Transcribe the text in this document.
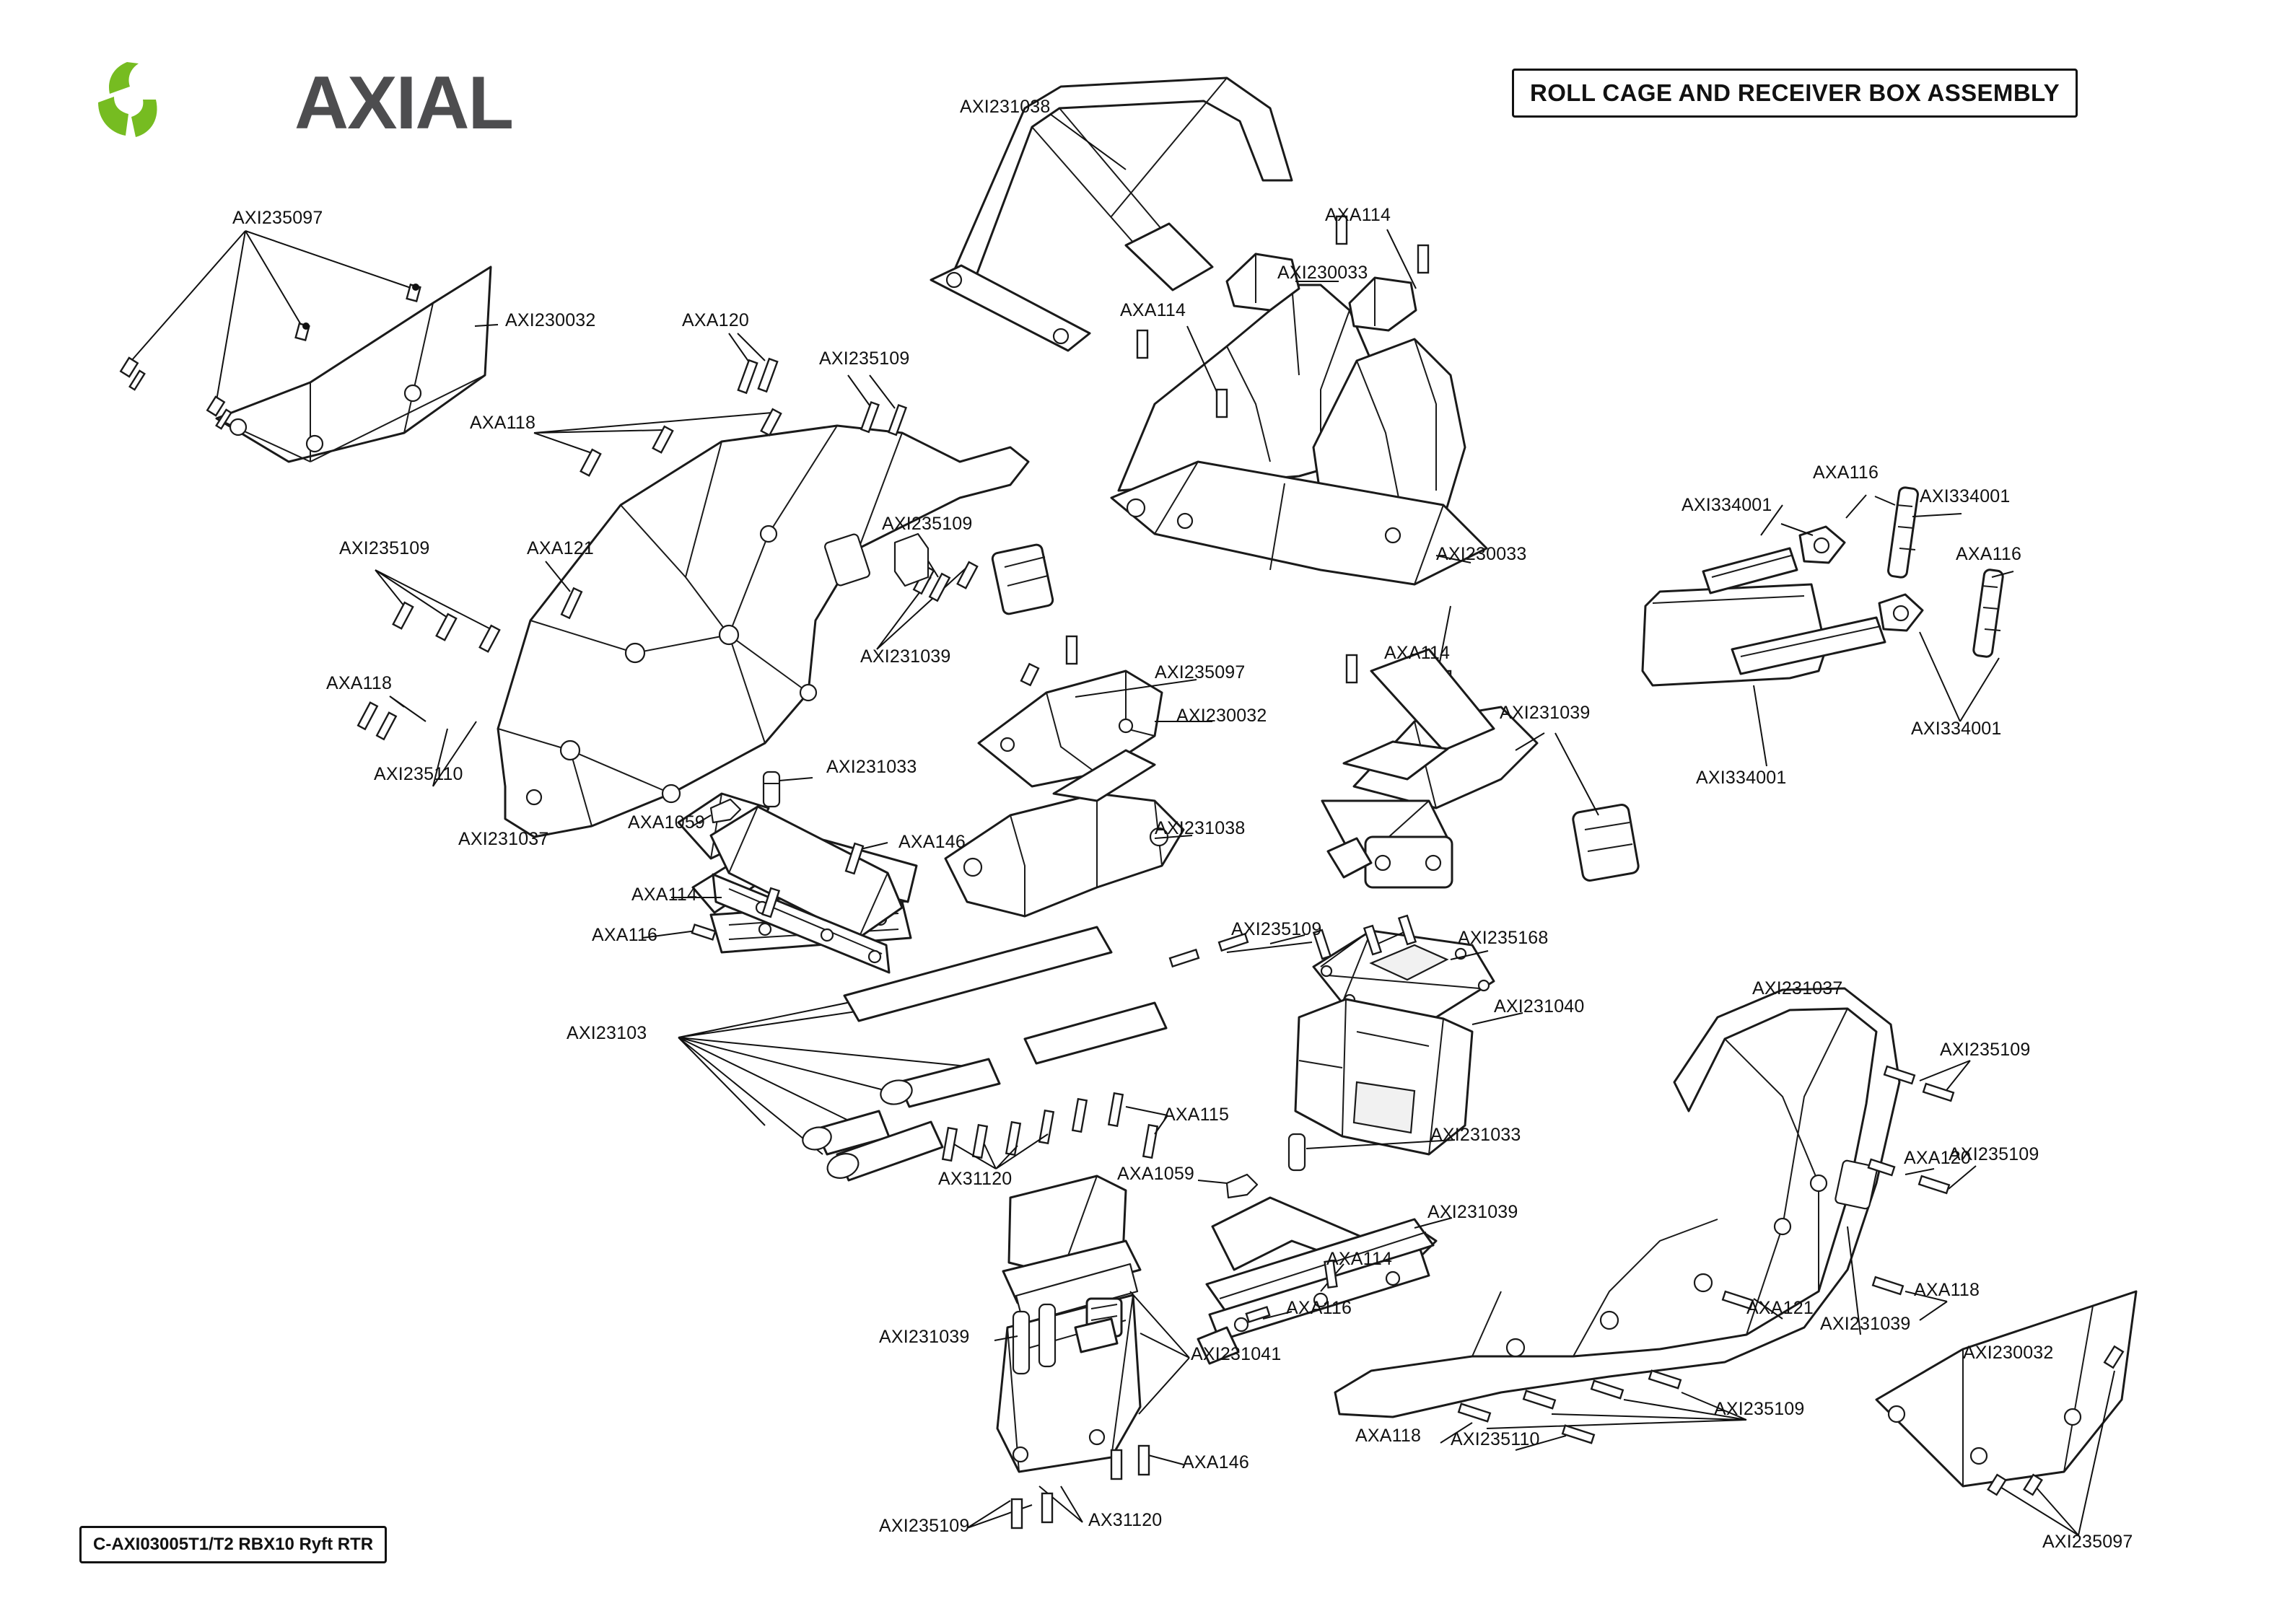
AXIAL	ROLL CAGE AND RECEIVER BOX ASSEMBLY
C-AXI03005T1/T2 RBX10 Ryft RTR
AXI235097
AXI230032	AXA120
AXI235109
AXA118
AXI235109
AXI235109	AXA121
AXI231039
AXA118
AXI235110
AXI231037
AXI231033
AXA1059
AXA146
AXA114
AXA116
AXI23103
AX31120
AXA115
AXI231038
AXA114
AXA114
AXI230033
AXI230033
AXA114
AXI231039
AXI235097
AXI230032
AXI231038
AXI235109	AXI235168
AXI231040
AXI231033
AXA1059
AXI231039
AXA114
AXA116
AXI231039
AXI231041
AXA146
AX31120
AXI235109
AXI334001
AXA116
AXI334001
AXA116
AXI334001
AXI334001
AXI231037
AXI235109
AXA120
AXI235109
AXA118
AXI231039
AXA121
AXI235109
AXI235110
AXA118
AXI230032
AXI235097
